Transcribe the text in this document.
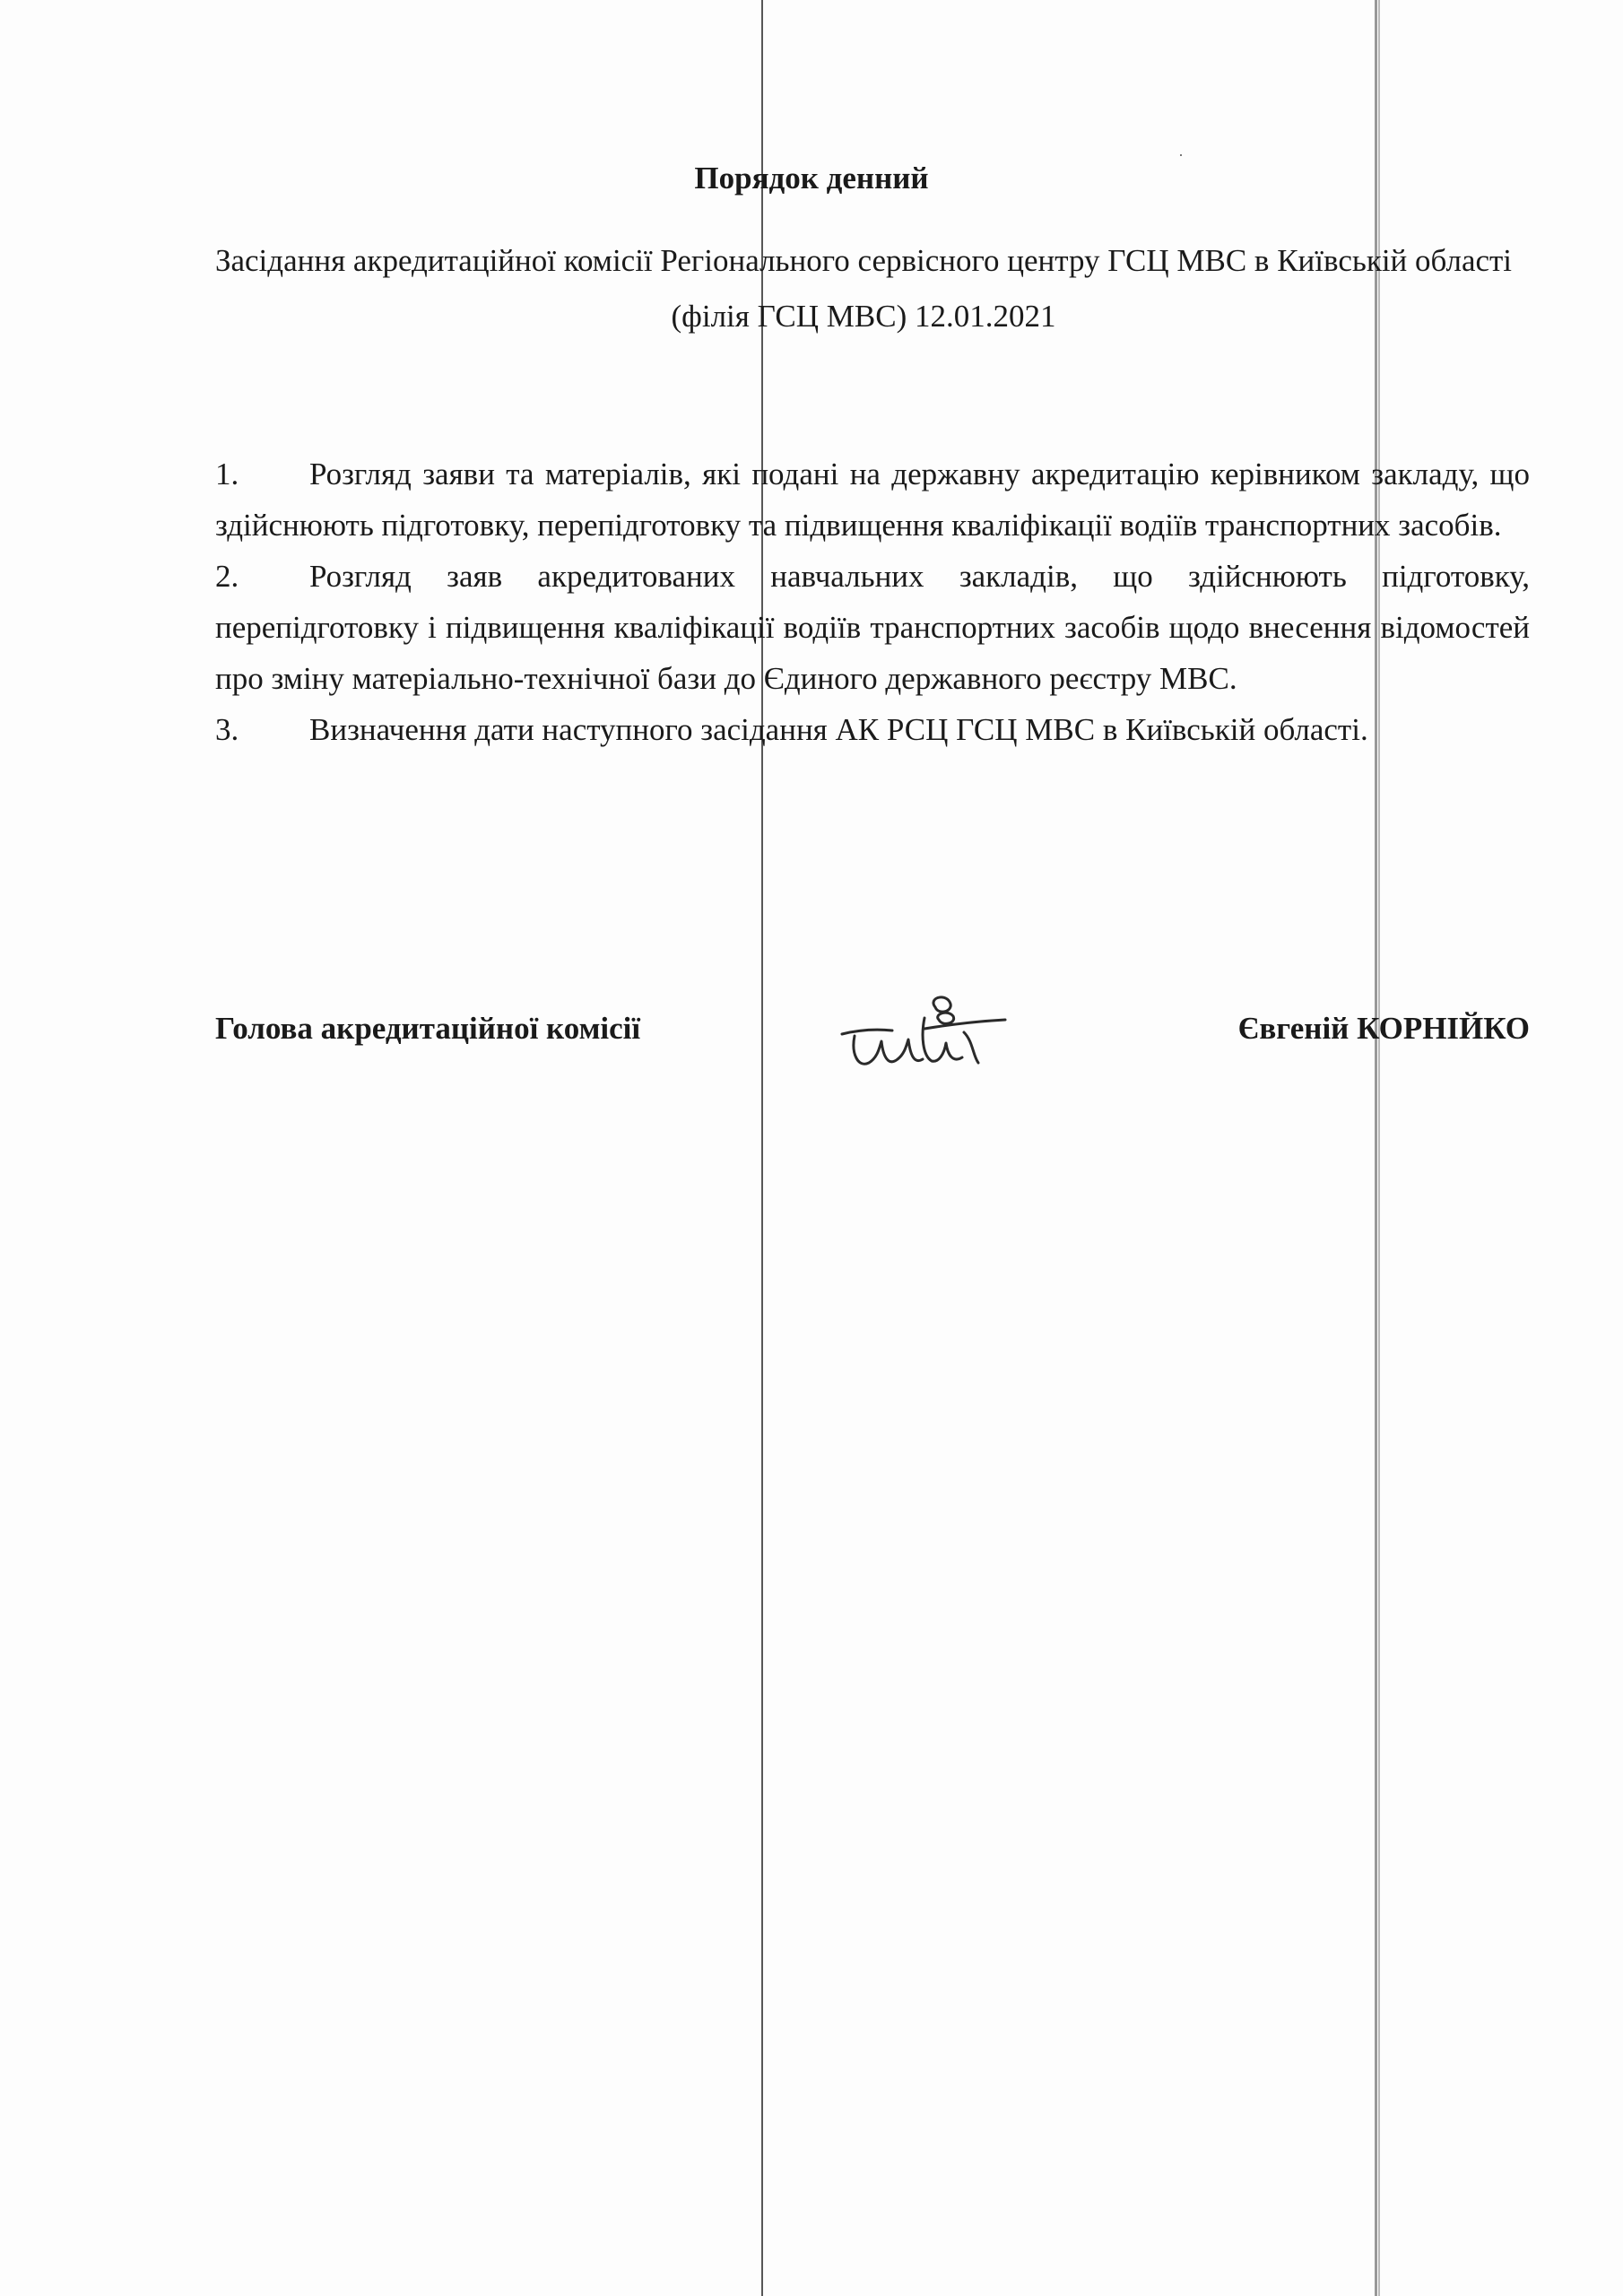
Порядок денний
Засідання акредитаційної комісії Регіонального сервісного центру ГСЦ МВС в Київській області (філія ГСЦ МВС) 12.01.2021

1. Розгляд заяви та матеріалів, які подані на державну акредитацію керівником закладу, що здійснюють підготовку, перепідготовку та підвищення кваліфікації водіїв транспортних засобів.

2. Розгляд заяв акредитованих навчальних закладів, що здійснюють підготовку, перепідготовку і підвищення кваліфікації водіїв транспортних засобів щодо внесення відомостей про зміну матеріально-технічної бази до Єдиного державного реєстру МВС.

3. Визначення дати наступного засідання АК РСЦ ГСЦ МВС в Київській області.

Голова акредитаційної комісії	Євгеній КОРНІЙКО
